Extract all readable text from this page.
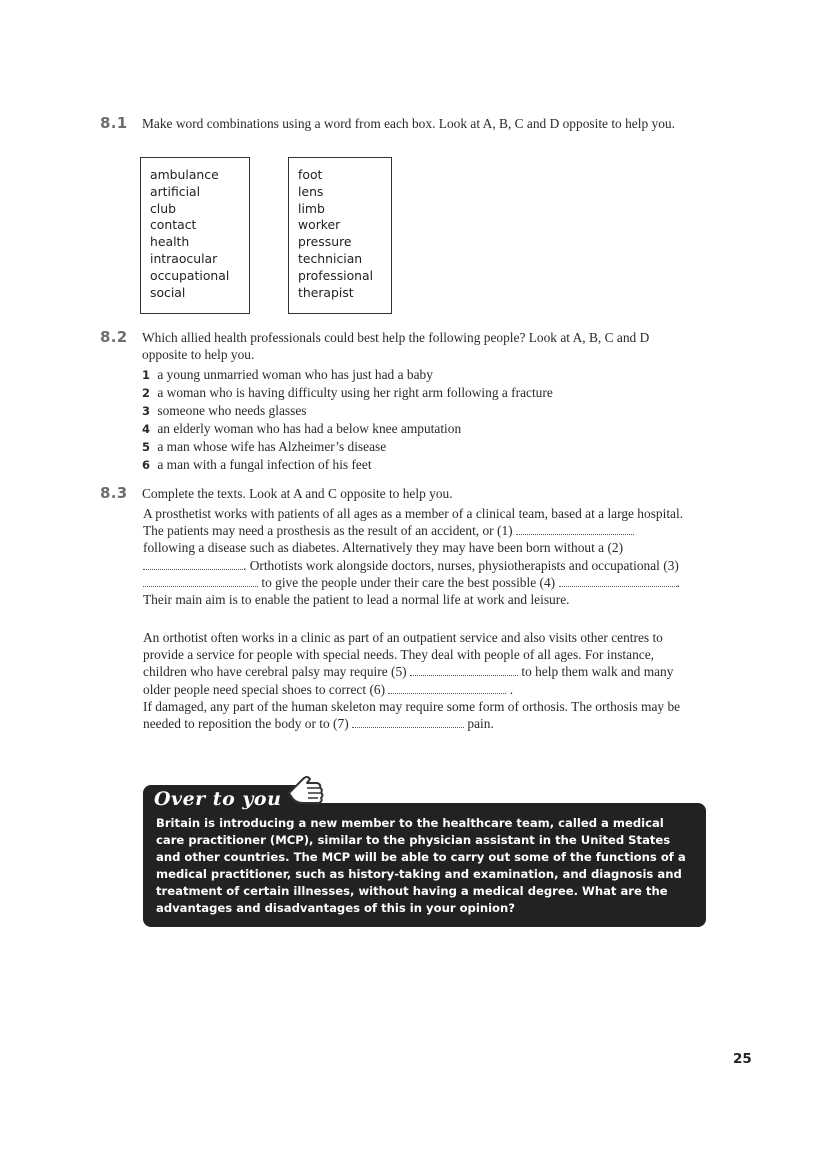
8.1 Make word combinations using a word from each box. Look at A, B, C and D opposite to help you.
ambulance
artificial
club
contact
health
intraocular
occupational
social
foot
lens
limb
worker
pressure
technician
professional
therapist
8.2 Which allied health professionals could best help the following people? Look at A, B, C and D opposite to help you.
1 a young unmarried woman who has just had a baby
2 a woman who is having difficulty using her right arm following a fracture
3 someone who needs glasses
4 an elderly woman who has had a below knee amputation
5 a man whose wife has Alzheimer’s disease
6 a man with a fungal infection of his feet
8.3 Complete the texts. Look at A and C opposite to help you.

A prosthetist works with patients of all ages as a member of a clinical team, based at a large hospital. The patients may need a prosthesis as the result of an accident, or (1)  following a disease such as diabetes. Alternatively they may have been born without a (2) . Orthotists work alongside doctors, nurses, physiotherapists and occupational (3)  to give the people under their care the best possible (4)	. Their main aim is to enable the patient to lead a normal life at work and leisure.

An orthotist often works in a clinic as part of an outpatient service and also visits other centres to provide a service for people with special needs. They deal with people of all ages. For instance, children who have cerebral palsy may require (5)	to help them walk and many older people need special shoes to correct (6)	.
If damaged, any part of the human skeleton may require some form of orthosis. The orthosis may be needed to reposition the body or to (7)	pain.

Britain is introducing a new member to the healthcare team, called a medical care practitioner (MCP), similar to the physician assistant in the United States and other countries. The MCP will be able to carry out some of the functions of a medical practitioner, such as history-taking and examination, and diagnosis and treatment of certain illnesses, without having a medical degree. What are the advantages and disadvantages of this in your opinion?
Over to you
25
